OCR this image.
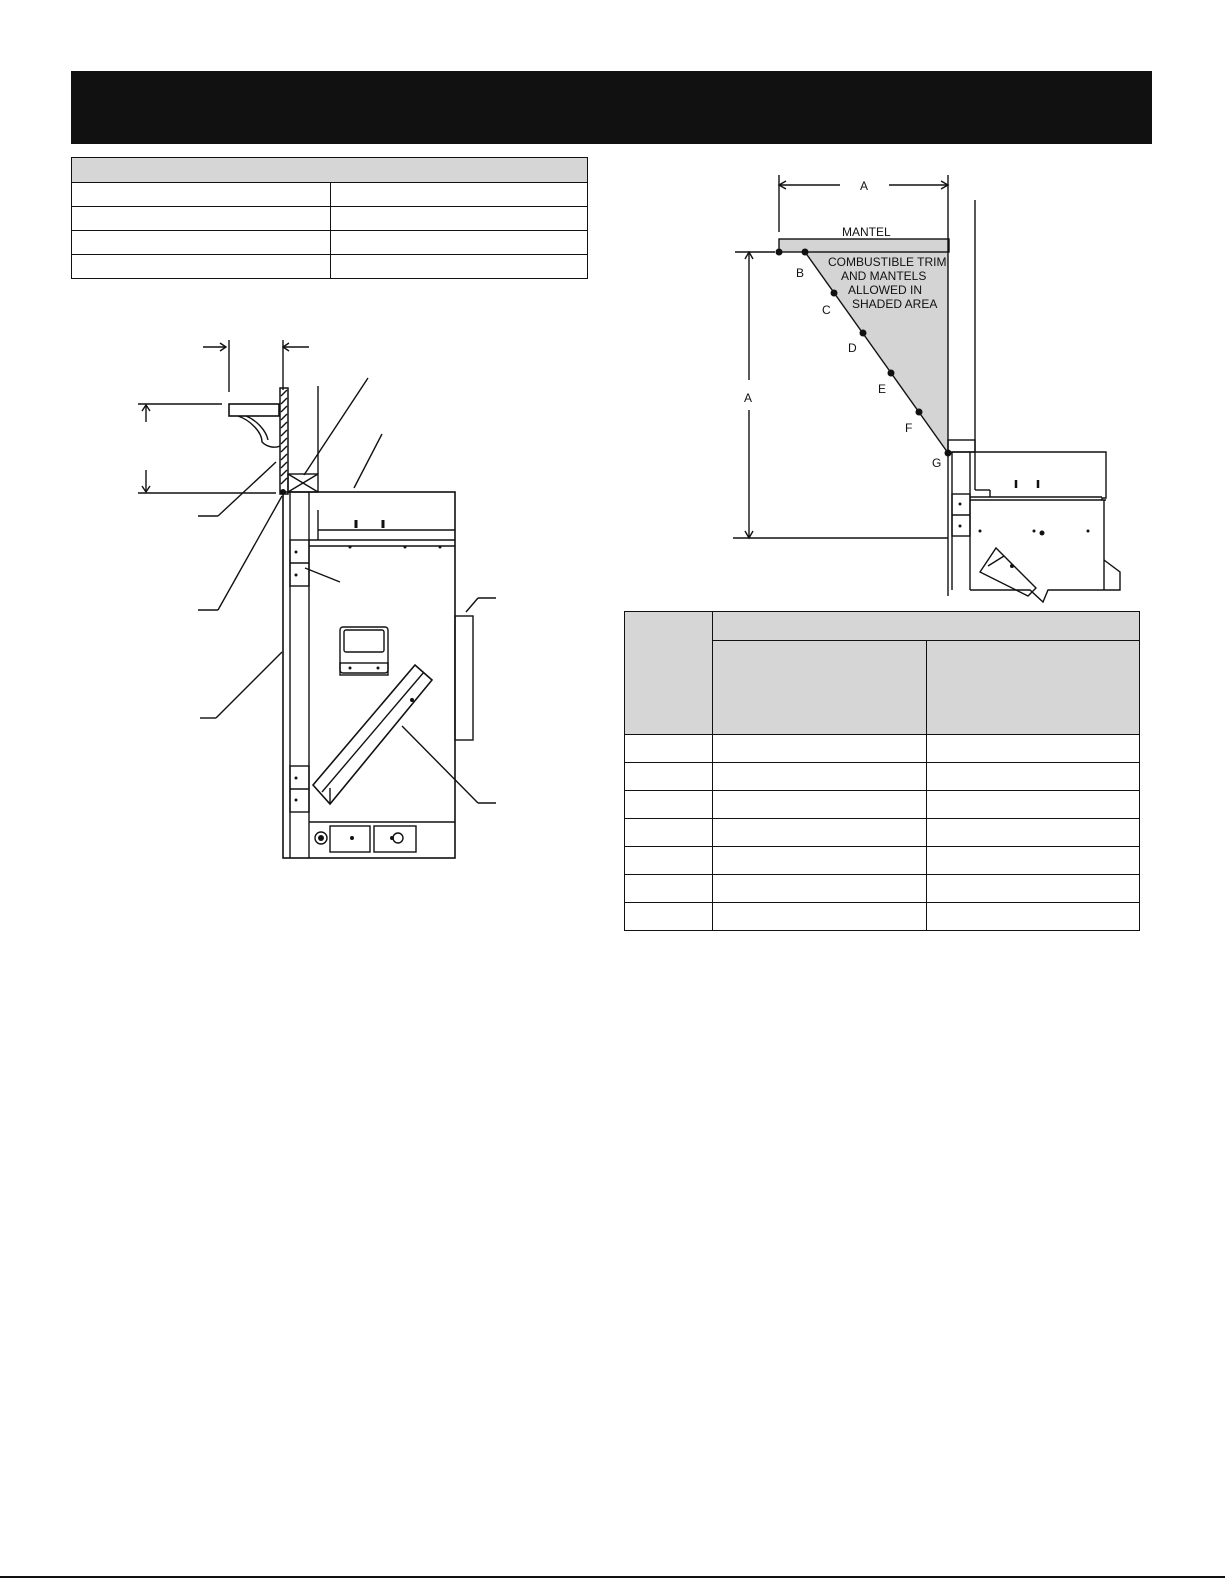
A
MANTEL
COMBUSTIBLE TRIM
AND MANTELS
ALLOWED IN
SHADED AREA
A
B
C
D
E
F
G
